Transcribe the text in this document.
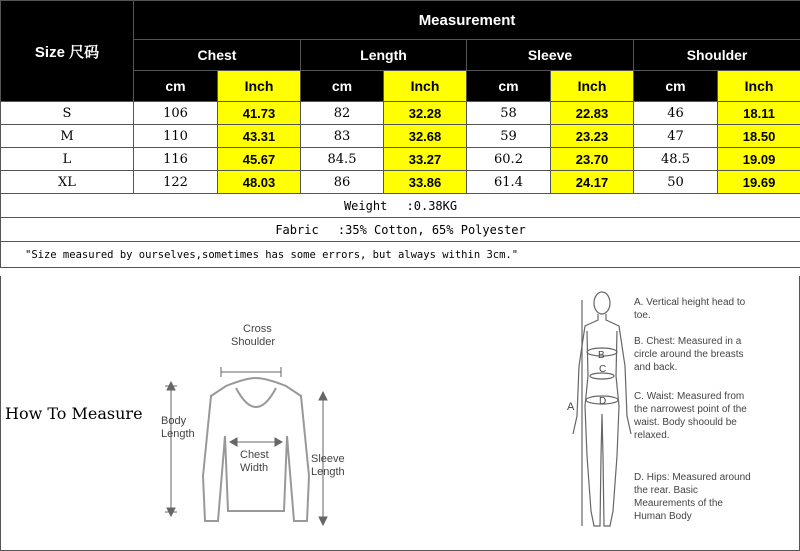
Size 尺码	Measurement							
	Chest		Length		Sleeve		Shoulder	
	cm	Inch	cm	Inch	cm	Inch	cm	Inch
S	106	41.73	82	32.28	58	22.83	46	18.11
M	110	43.31	83	32.68	59	23.23	47	18.50
L	116	45.67	84.5	33.27	60.2	23.70	48.5	19.09
XL	122	48.03	86	33.86	61.4	24.17	50	19.69
Weight　 :0.38KG								
Fabric　 :35% Cotton, 65% Polyester								
"Size measured by ourselves,sometimes has some errors, but always within 3cm."								
How To Measure
Cross
Shoulder
Body
Length
Chest
Width
Sleeve
Length
B
C
A D
A. Vertical height head to toe.
B. Chest: Measured in a circle around the breasts and back.
C. Waist: Measured from the narrowest point of the waist. Body shoould be relaxed.
D. Hips: Measured around the rear. Basic Meaurements of the Human Body
